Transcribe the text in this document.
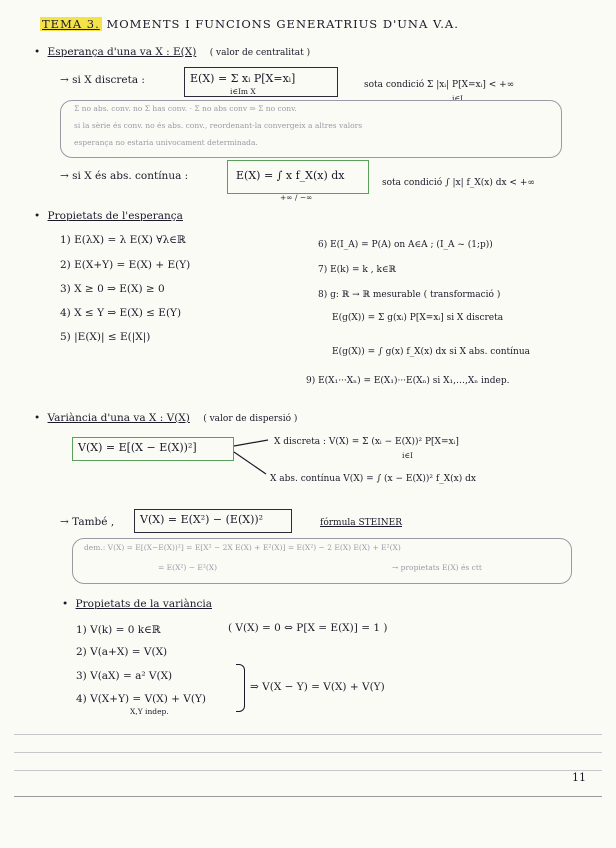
TEMA 3. MOMENTS I FUNCIONS GENERATRIUS D'UNA V.A.
• Esperança d'una va X : E(X) ( valor de centralitat )
→ si X discreta :	E(X) = Σ xᵢ P[X=xᵢ]
i∈Im X
sota condició Σ |xᵢ| P[X=xᵢ] < +∞
i∈I
Σ no abs. conv. no Σ has conv. · Σ no abs conv ⇒ Σ no conv.
si la sèrie és conv. no és abs. conv., reordenant-la convergeix a altres valors
esperança no estaria univocament determinada.
→ si X és abs. contínua :	E(X) = ∫ x f_X(x) dx
+∞ / −∞
sota condició ∫ |x| f_X(x) dx < +∞
• Propietats de l'esperança
1) E(λX) = λ E(X) ∀λ∈ℝ
2) E(X+Y) = E(X) + E(Y)
3) X ≥ 0 ⇒ E(X) ≥ 0
4) X ≤ Y ⇒ E(X) ≤ E(Y)
5) |E(X)| ≤ E(|X|)
6) E(I_A) = P(A) on A∈A ; (I_A ~ (1;p))
7) E(k) = k , k∈ℝ
8) g: ℝ → ℝ mesurable ( transformació )
E(g(X)) = Σ g(xᵢ) P[X=xᵢ] si X discreta
E(g(X)) = ∫ g(x) f_X(x) dx si X abs. contínua
9) E(X₁···Xₙ) = E(X₁)···E(Xₙ) si X₁,…,Xₙ indep.
• Variància d'una va X : V(X) ( valor de dispersió )
V(X) = E[(X − E(X))²]	X discreta : V(X) = Σ (xᵢ − E(X))² P[X=xᵢ]
i∈I
X abs. contínua V(X) = ∫ (x − E(X))² f_X(x) dx
→ També , V(X) = E(X²) − (E(X))²	fórmula STEINER
dem.: V(X) = E[(X−E(X))²] = E[X² − 2X E(X) + E²(X)] = E(X²) − 2 E(X) E(X) + E²(X)
= E(X²) − E²(X)	→ propietats E(X) és ctt
• Propietats de la variància
1) V(k) = 0 k∈ℝ	( V(X) = 0 ⇔ P[X = E(X)] = 1 )
2) V(a+X) = V(X)
3) V(aX) = a² V(X)
4) V(X+Y) = V(X) + V(Y)
X,Y indep.
⇒ V(X − Y) = V(X) + V(Y)
11
